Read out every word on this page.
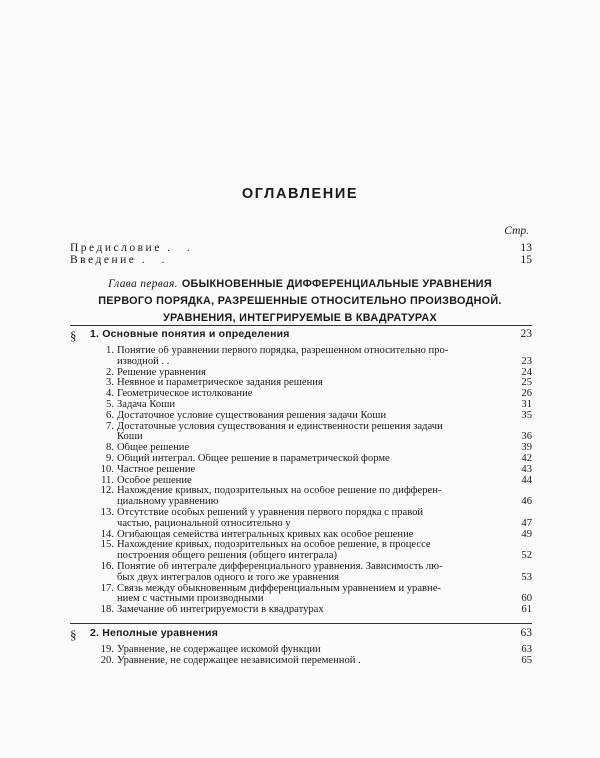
ОГЛАВЛЕНИЕ
Стр.
Предисловие . .	13
Введение . .	15
Глава первая. ОБЫКНОВЕННЫЕ ДИФФЕРЕНЦИАЛЬНЫЕ УРАВНЕНИЯ
ПЕРВОГО ПОРЯДКА, РАЗРЕШЕННЫЕ ОТНОСИТЕЛЬНО ПРОИЗВОДНОЙ.
УРАВНЕНИЯ, ИНТЕГРИРУЕМЫЕ В КВАДРАТУРАХ
§ 1. Основные понятия и определения	23
1. Понятие об уравнении первого порядка, разрешенном относительно про-
изводной . .	23
2. Решение уравнения	24
3. Неявное и параметрическое задания решения	25
4. Геометрическое истолкование	26
5. Задача Коши	31
6. Достаточное условие существования решения задачи Коши	35
7. Достаточные условия существования и единственности решения задачи
Коши	36
8. Общее решение	39
9. Общий интеграл. Общее решение в параметрической форме	42
10. Частное решение	43
11. Особое решение	44
12. Нахождение кривых, подозрительных на особое решение по дифферен-
циальному уравнению	46
13. Отсутствие особых решений у уравнения первого порядка с правой
частью, рациональной относительно y	47
14. Огибающая семейства интегральных кривых как особое решение	49
15. Нахождение кривых, подозрительных на особое решение, в процессе
построения общего решения (общего интеграла)	52
16. Понятие об интеграле дифференциального уравнения. Зависимость лю-
бых двух интегралов одного и того же уравнения	53
17. Связь между обыкновенным дифференциальным уравнением и уравне-
нием с частными производными	60
18. Замечание об интегрируемости в квадратурах	61
§ 2. Неполные уравнения	63
19. Уравнение, не содержащее искомой функции	63
20. Уравнение, не содержащее независимой переменной .	65
